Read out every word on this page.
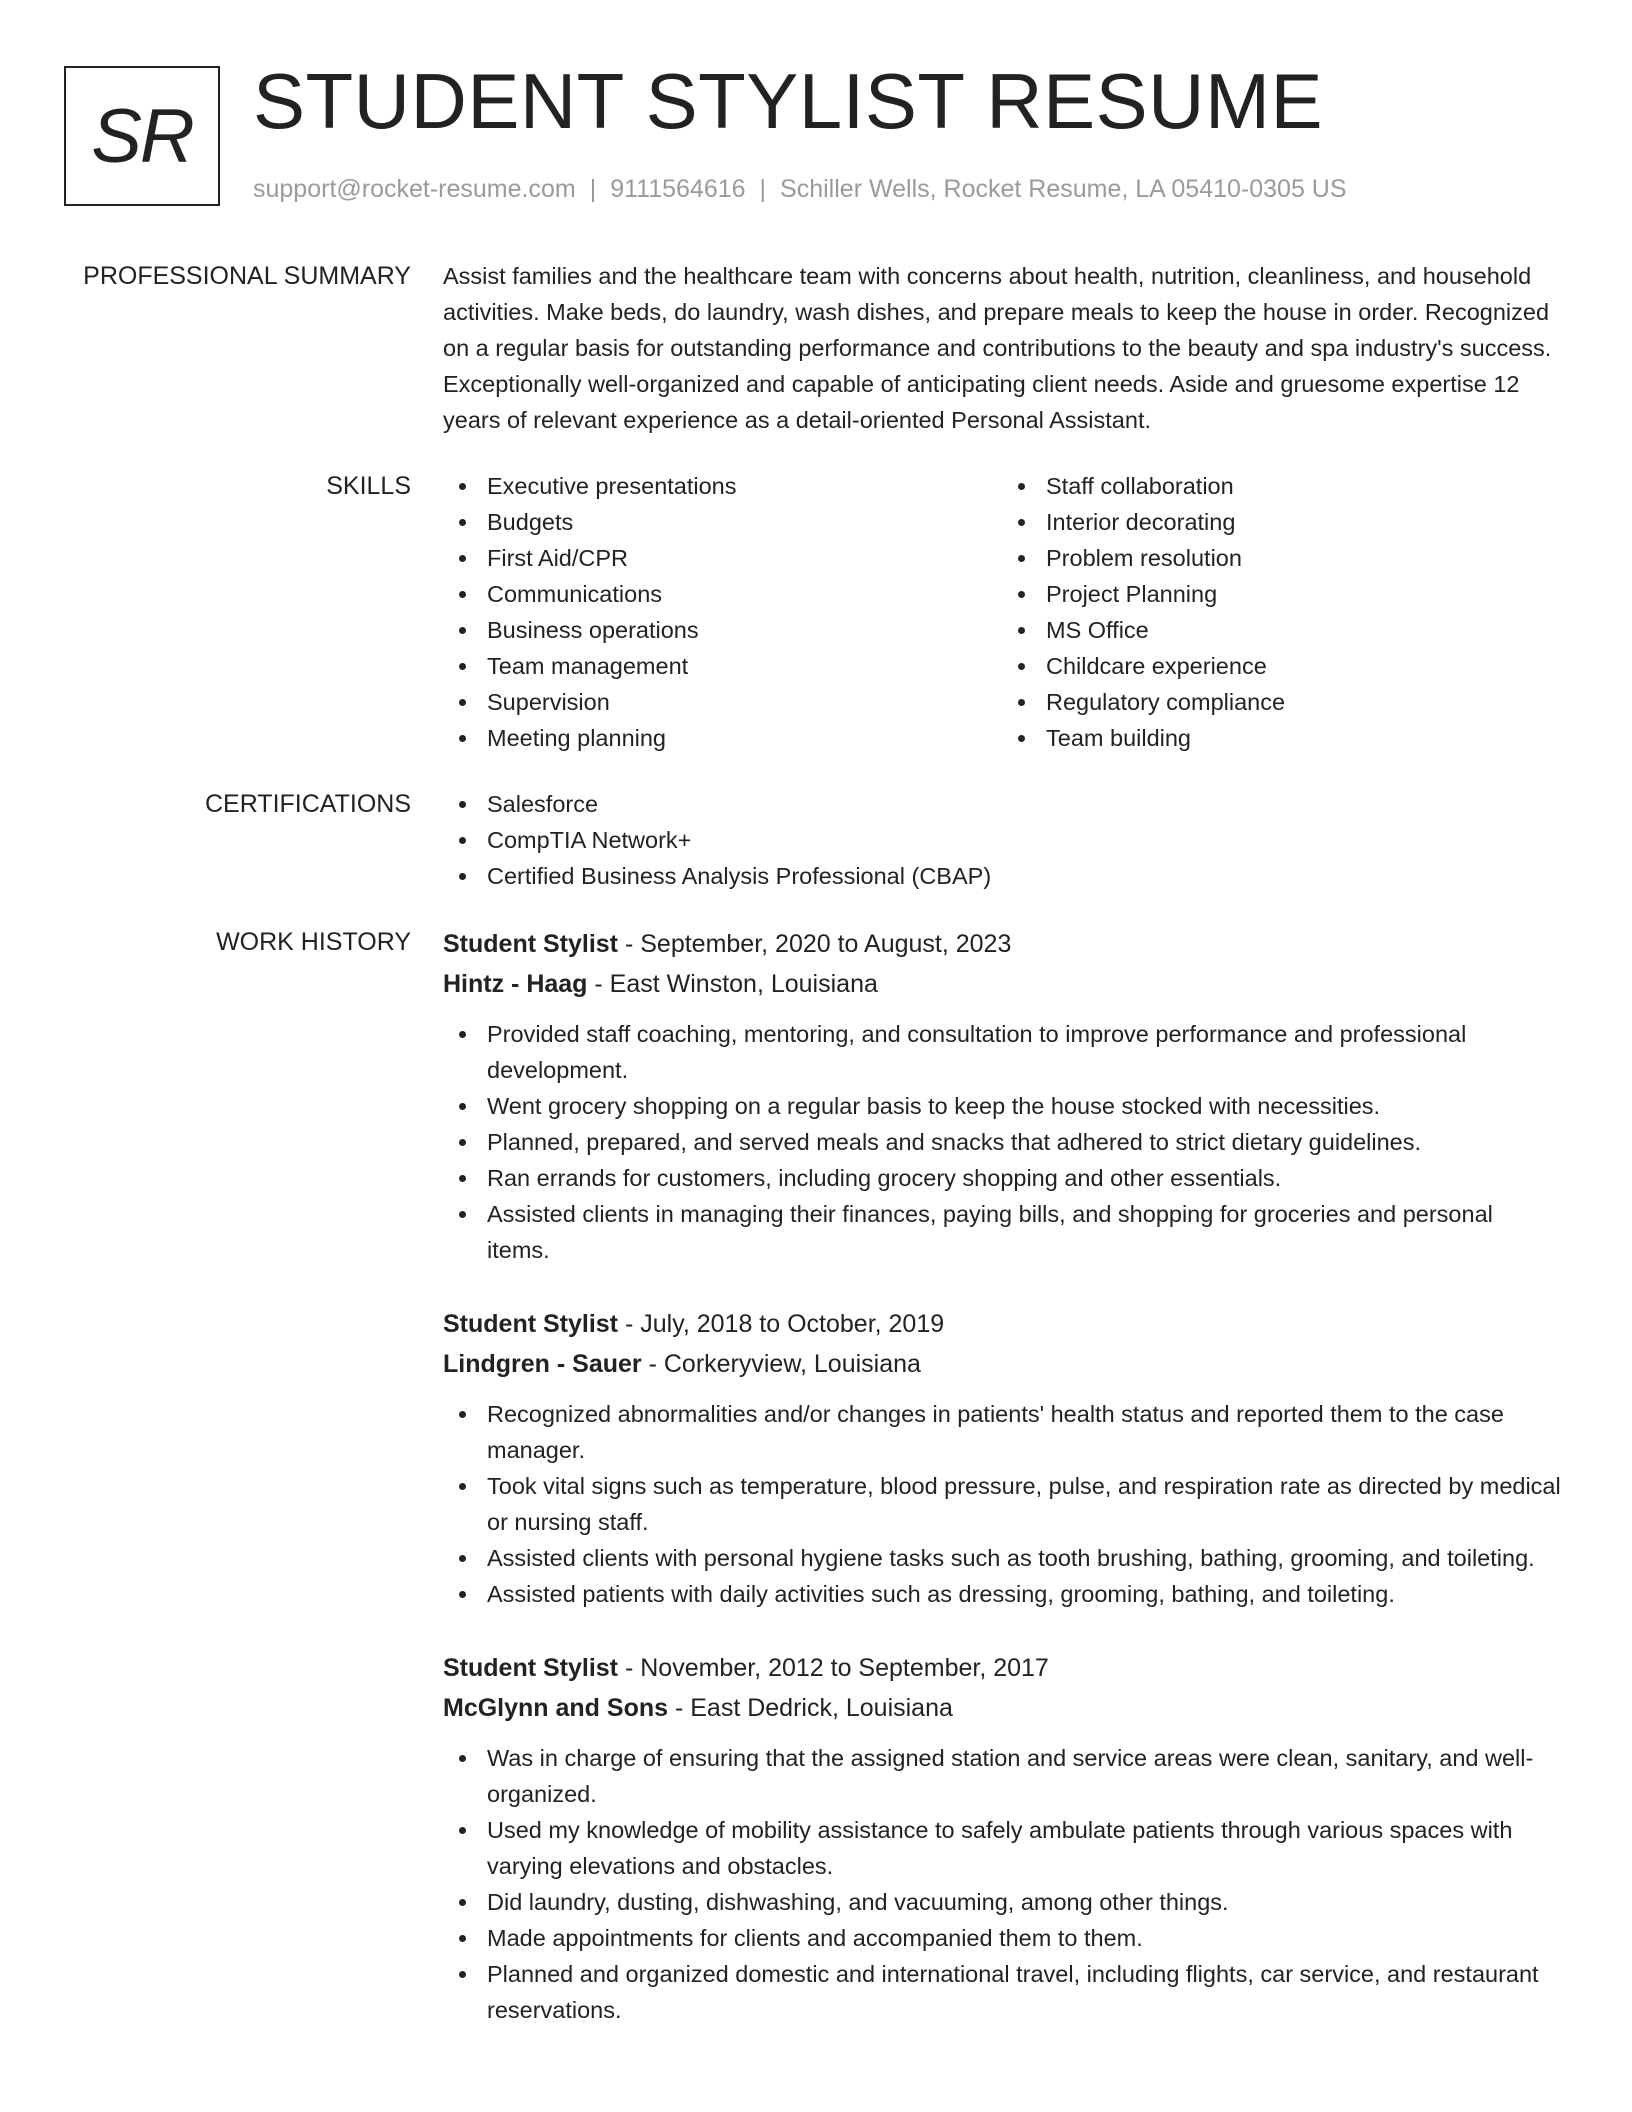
SR STUDENT STYLIST RESUME
support@rocket-resume.com | 9111564616 | Schiller Wells, Rocket Resume, LA 05410-0305 US
PROFESSIONAL SUMMARY Assist families and the healthcare team with concerns about health, nutrition, cleanliness, and household activities. Make beds, do laundry, wash dishes, and prepare meals to keep the house in order. Recognized on a regular basis for outstanding performance and contributions to the beauty and spa industry's success. Exceptionally well-organized and capable of anticipating client needs. Aside and gruesome expertise 12 years of relevant experience as a detail-oriented Personal Assistant.

SKILLS	Executive presentations
Budgets
First Aid/CPR
Communications
Business operations
Team management
Supervision
Meeting planning
Staff collaboration
Interior decorating
Problem resolution
Project Planning
MS Office
Childcare experience
Regulatory compliance
Team building
CERTIFICATIONS	Salesforce
CompTIA Network+
Certified Business Analysis Professional (CBAP)
WORK HISTORY Student Stylist - September, 2020 to August, 2023
Hintz - Haag - East Winston, Louisiana
Provided staff coaching, mentoring, and consultation to improve performance and professional development.
Went grocery shopping on a regular basis to keep the house stocked with necessities.
Planned, prepared, and served meals and snacks that adhered to strict dietary guidelines.
Ran errands for customers, including grocery shopping and other essentials.
Assisted clients in managing their finances, paying bills, and shopping for groceries and personal items.
Student Stylist - July, 2018 to October, 2019
Lindgren - Sauer - Corkeryview, Louisiana
Recognized abnormalities and/or changes in patients' health status and reported them to the case manager.
Took vital signs such as temperature, blood pressure, pulse, and respiration rate as directed by medical or nursing staff.
Assisted clients with personal hygiene tasks such as tooth brushing, bathing, grooming, and toileting.
Assisted patients with daily activities such as dressing, grooming, bathing, and toileting.
Student Stylist - November, 2012 to September, 2017
McGlynn and Sons - East Dedrick, Louisiana
Was in charge of ensuring that the assigned station and service areas were clean, sanitary, and well-organized.
Used my knowledge of mobility assistance to safely ambulate patients through various spaces with varying elevations and obstacles.
Did laundry, dusting, dishwashing, and vacuuming, among other things.
Made appointments for clients and accompanied them to them.
Planned and organized domestic and international travel, including flights, car service, and restaurant reservations.
